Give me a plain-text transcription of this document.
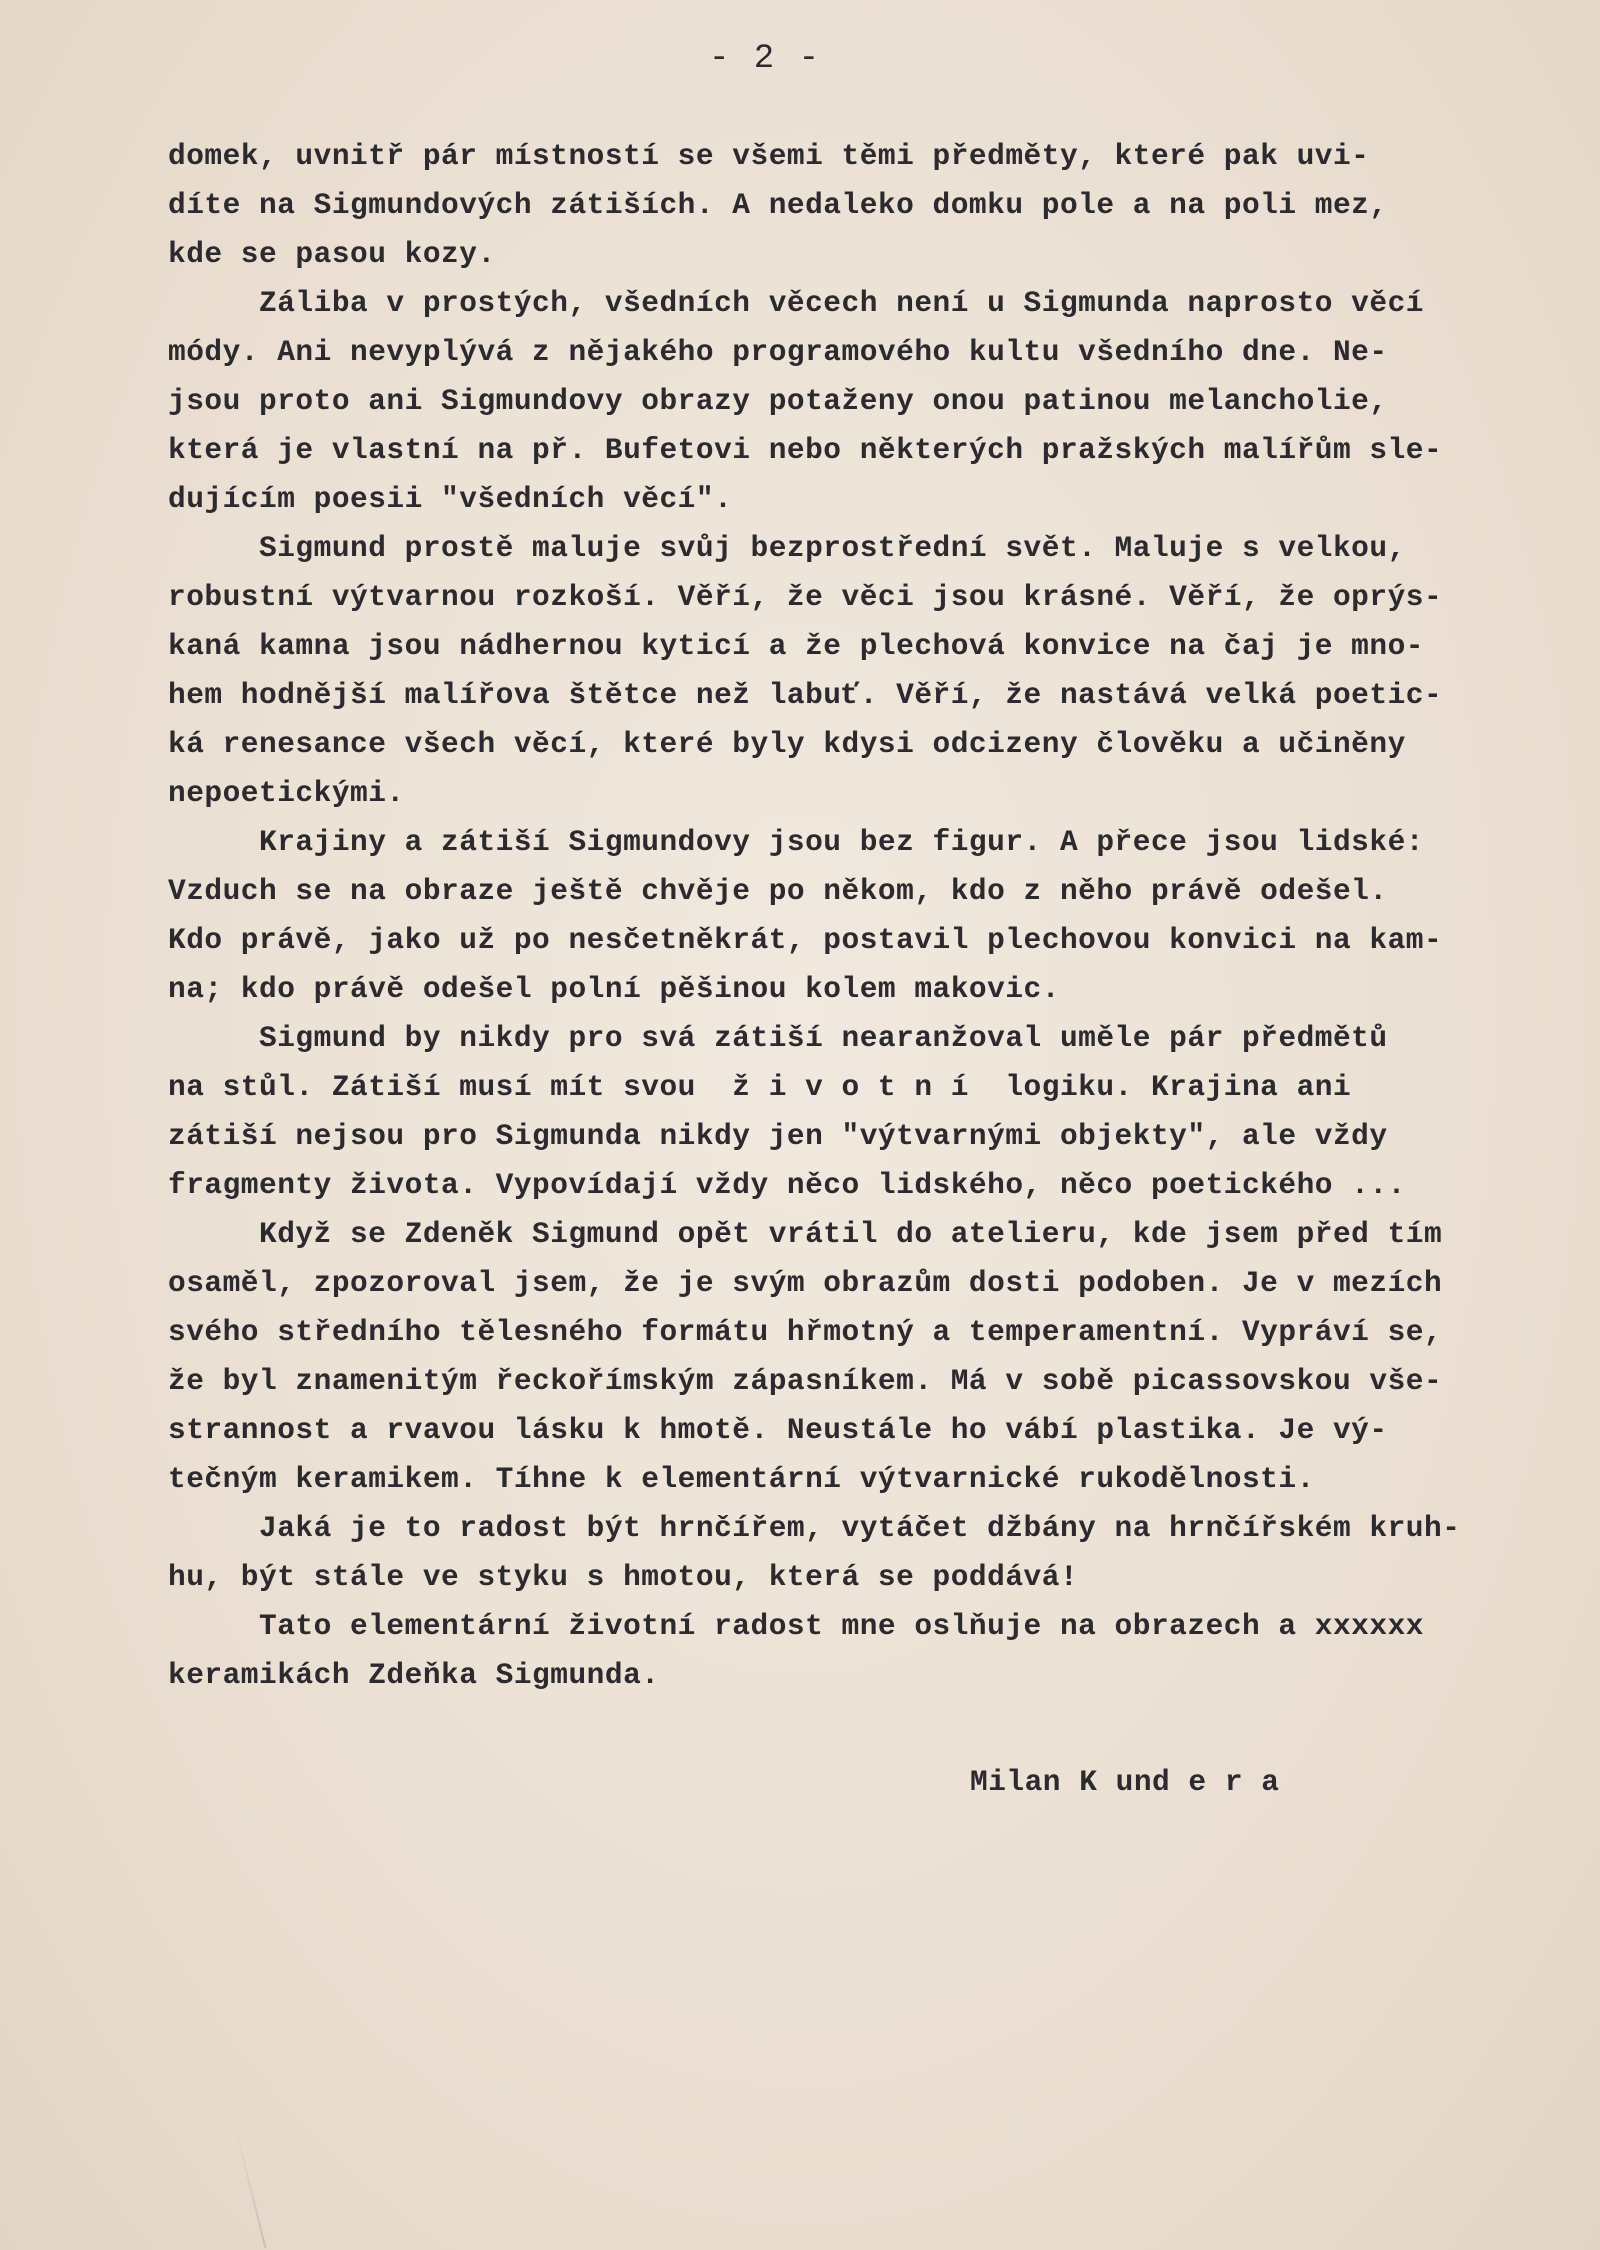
- 2 -
domek, uvnitř pár místností se všemi těmi předměty, které pak uvi-
díte na Sigmundových zátiších. A nedaleko domku pole a na poli mez,
kde se pasou kozy.
Záliba v prostých, všedních věcech není u Sigmunda naprosto věcí
módy. Ani nevyplývá z nějakého programového kultu všedního dne. Ne-
jsou proto ani Sigmundovy obrazy potaženy onou patinou melancholie,
která je vlastní na př. Bufetovi nebo některých pražských malířům sle-
dujícím poesii "všedních věcí".
Sigmund prostě maluje svůj bezprostřední svět. Maluje s velkou,
robustní výtvarnou rozkoší. Věří, že věci jsou krásné. Věří, že oprýs-
kaná kamna jsou nádhernou kyticí a že plechová konvice na čaj je mno-
hem hodnější malířova štětce než labuť. Věří, že nastává velká poetic-
ká renesance všech věcí, které byly kdysi odcizeny člověku a učiněny
nepoetickými.
Krajiny a zátiší Sigmundovy jsou bez figur. A přece jsou lidské:
Vzduch se na obraze ještě chvěje po někom, kdo z něho právě odešel.
Kdo právě, jako už po nesčetněkrát, postavil plechovou konvici na kam-
na; kdo právě odešel polní pěšinou kolem makovic.
Sigmund by nikdy pro svá zátiší nearanžoval uměle pár předmětů
na stůl. Zátiší musí mít svou  ž i v o t n í  logiku. Krajina ani
zátiší nejsou pro Sigmunda nikdy jen "výtvarnými objekty", ale vždy
fragmenty života. Vypovídají vždy něco lidského, něco poetického ...
Když se Zdeněk Sigmund opět vrátil do atelieru, kde jsem před tím
osaměl, zpozoroval jsem, že je svým obrazům dosti podoben. Je v mezích
svého středního tělesného formátu hřmotný a temperamentní. Vypráví se,
že byl znamenitým řeckořímským zápasníkem. Má v sobě picassovskou vše-
strannost a rvavou lásku k hmotě. Neustále ho vábí plastika. Je vý-
tečným keramikem. Tíhne k elementární výtvarnické rukodělnosti.
Jaká je to radost být hrnčířem, vytáčet džbány na hrnčířském kruh-
hu, být stále ve styku s hmotou, která se poddává!
Tato elementární životní radost mne oslňuje na obrazech a xxxxxx
keramikách Zdeňka Sigmunda.
Milan K und e r a
